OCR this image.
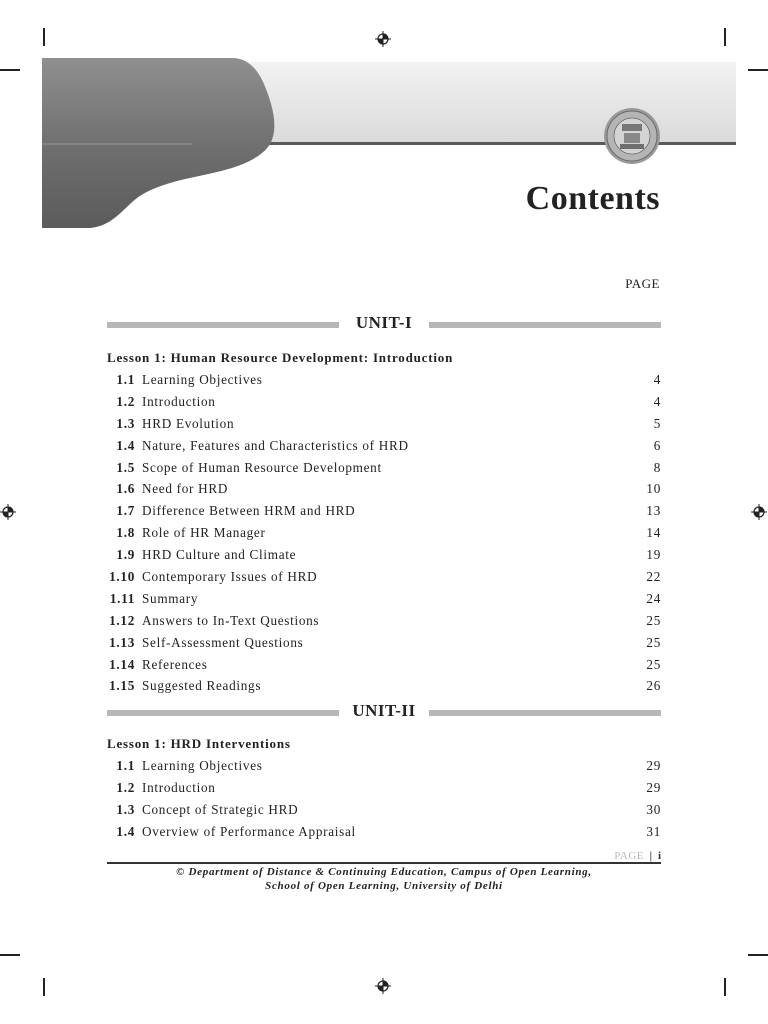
Contents
PAGE
UNIT-I
Lesson 1: Human Resource Development: Introduction
1.1 Learning Objectives	4
1.2 Introduction	4
1.3 HRD Evolution	5
1.4 Nature, Features and Characteristics of HRD	6
1.5 Scope of Human Resource Development	8
1.6 Need for HRD	10
1.7 Difference Between HRM and HRD	13
1.8 Role of HR Manager	14
1.9 HRD Culture and Climate	19
1.10 Contemporary Issues of HRD	22
1.11 Summary	24
1.12 Answers to In-Text Questions	25
1.13 Self-Assessment Questions	25
1.14 References	25
1.15 Suggested Readings	26
UNIT-II
Lesson 1: HRD Interventions
1.1 Learning Objectives	29
1.2 Introduction	29
1.3 Concept of Strategic HRD	30
1.4 Overview of Performance Appraisal	31
PAGE | i
© Department of Distance & Continuing Education, Campus of Open Learning,
School of Open Learning, University of Delhi
